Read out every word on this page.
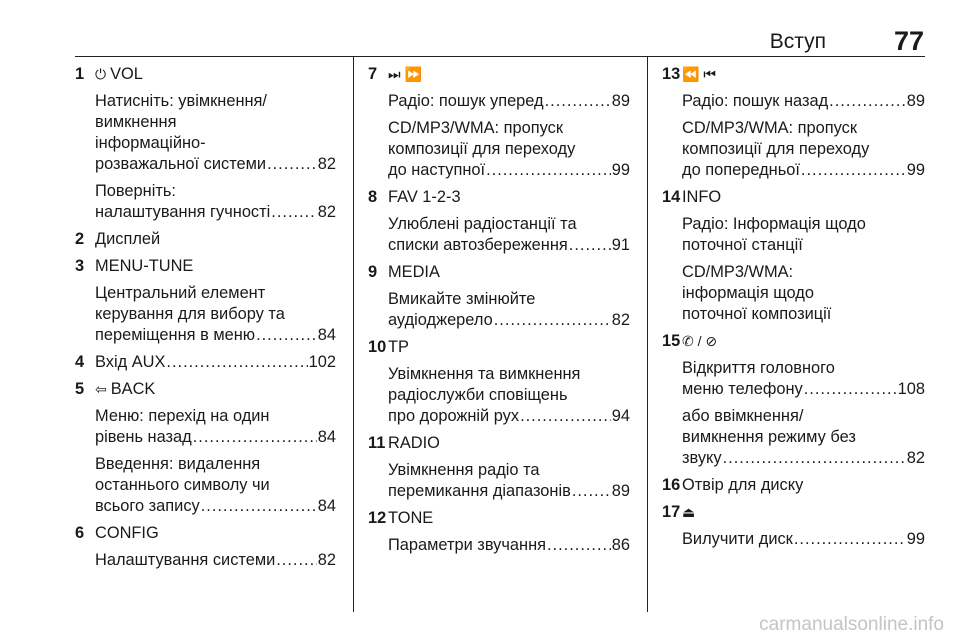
Вступ	77
1 ⏻ VOL
Натисніть: увімкнення/
вимкнення
інформаційно-
розважальної системи .....	82
Поверніть:
налаштування гучності .....	82
2 Дисплей
3 MENU-TUNE
Центральний елемент
керування для вибору та
переміщення в меню .....	84
4 Вхід AUX .....	102
5 ⇦ BACK
Меню: перехід на один
рівень назад .....	84
Введення: видалення
останнього символу чи
всього запису .....	84
6 CONFIG
Налаштування системи .....	82
7 ⏭ ⏩
Радіо: пошук уперед .....	89
CD/MP3/WMA: пропуск
композиції для переходу
до наступної .....	99
8 FAV 1-2-3
Улюблені радіостанції та
списки автозбереження .....	91
9 MEDIA
Вмикайте змінюйте
аудіоджерело .....	82
10 TP
Увімкнення та вимкнення
радіослужби сповіщень
про дорожній рух .....	94
11 RADIO
Увімкнення радіо та
перемикання діапазонів ..... 89
12 TONE
Параметри звучання .....	86
13 ⏪ ⏮
Радіо: пошук назад .....	89
CD/MP3/WMA: пропуск
композиції для переходу
до попередньої .....	99
14 INFO
Радіо: Інформація щодо
поточної станції
CD/MP3/WMA:
інформація щодо
поточної композиції
15 ✆ / ⊘
Відкриття головного
меню телефону .....	108
або ввімкнення/
вимкнення режиму без
звуку .....	82
16 Отвір для диску
17 ⏏
Вилучити диск .....	99
carmanualsonline.info
